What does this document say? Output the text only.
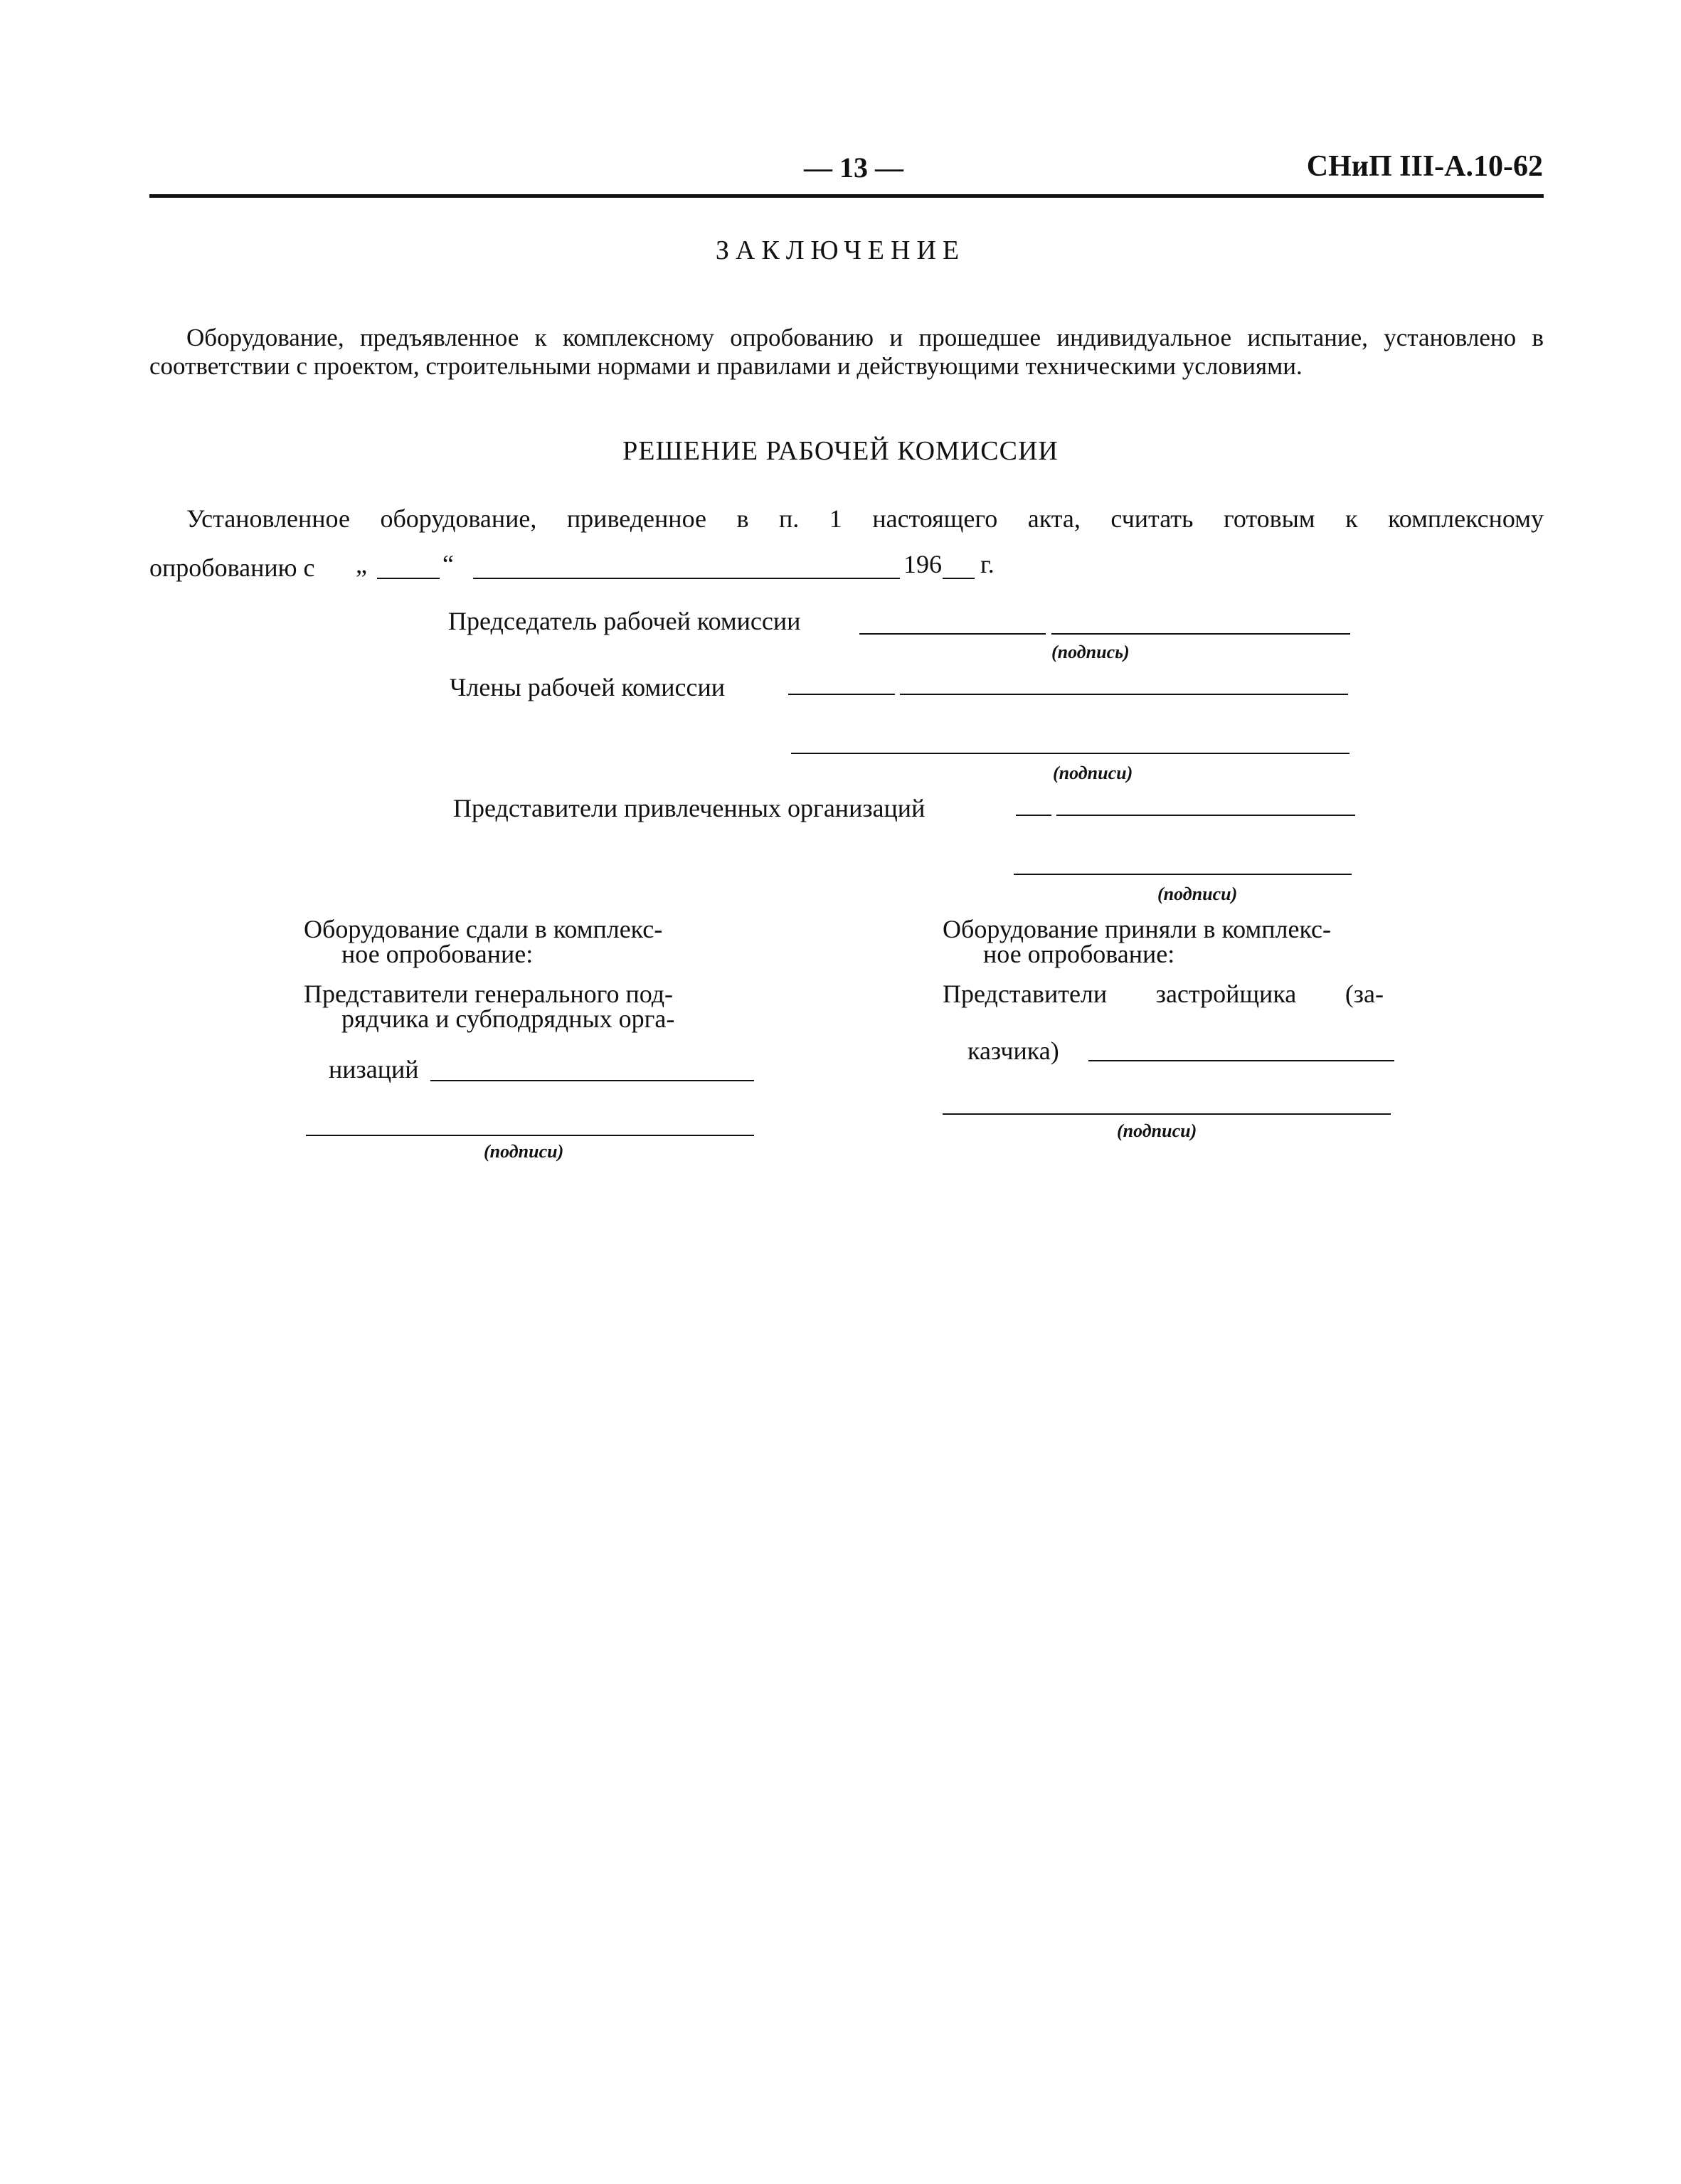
— 13 —	СНиП III-А.10-62
ЗАКЛЮЧЕНИЕ
Оборудование, предъявленное к комплексному опробованию и прошедшее индивидуальное испытание, установлено в соответствии с проектом, строительными нормами и правилами и действующими техническими условиями.
РЕШЕНИЕ РАБОЧЕЙ КОМИССИИ
Установленное оборудование, приведенное в п. 1 настоящего акта, считать готовым к комплексному
опробованию с „	“	196 г.
Председатель рабочей комиссии
(подпись)
Члены рабочей комиссии
(подписи)
Представители привлеченных организаций
(подписи)
Оборудование сдали в комплекс-
ное опробование:
Представители генерального под-
рядчика и субподрядных орга-
низаций
(подписи)
Оборудование приняли в комплекс-
ное опробование:
Представители застройщика (за-
казчика)
(подписи)
